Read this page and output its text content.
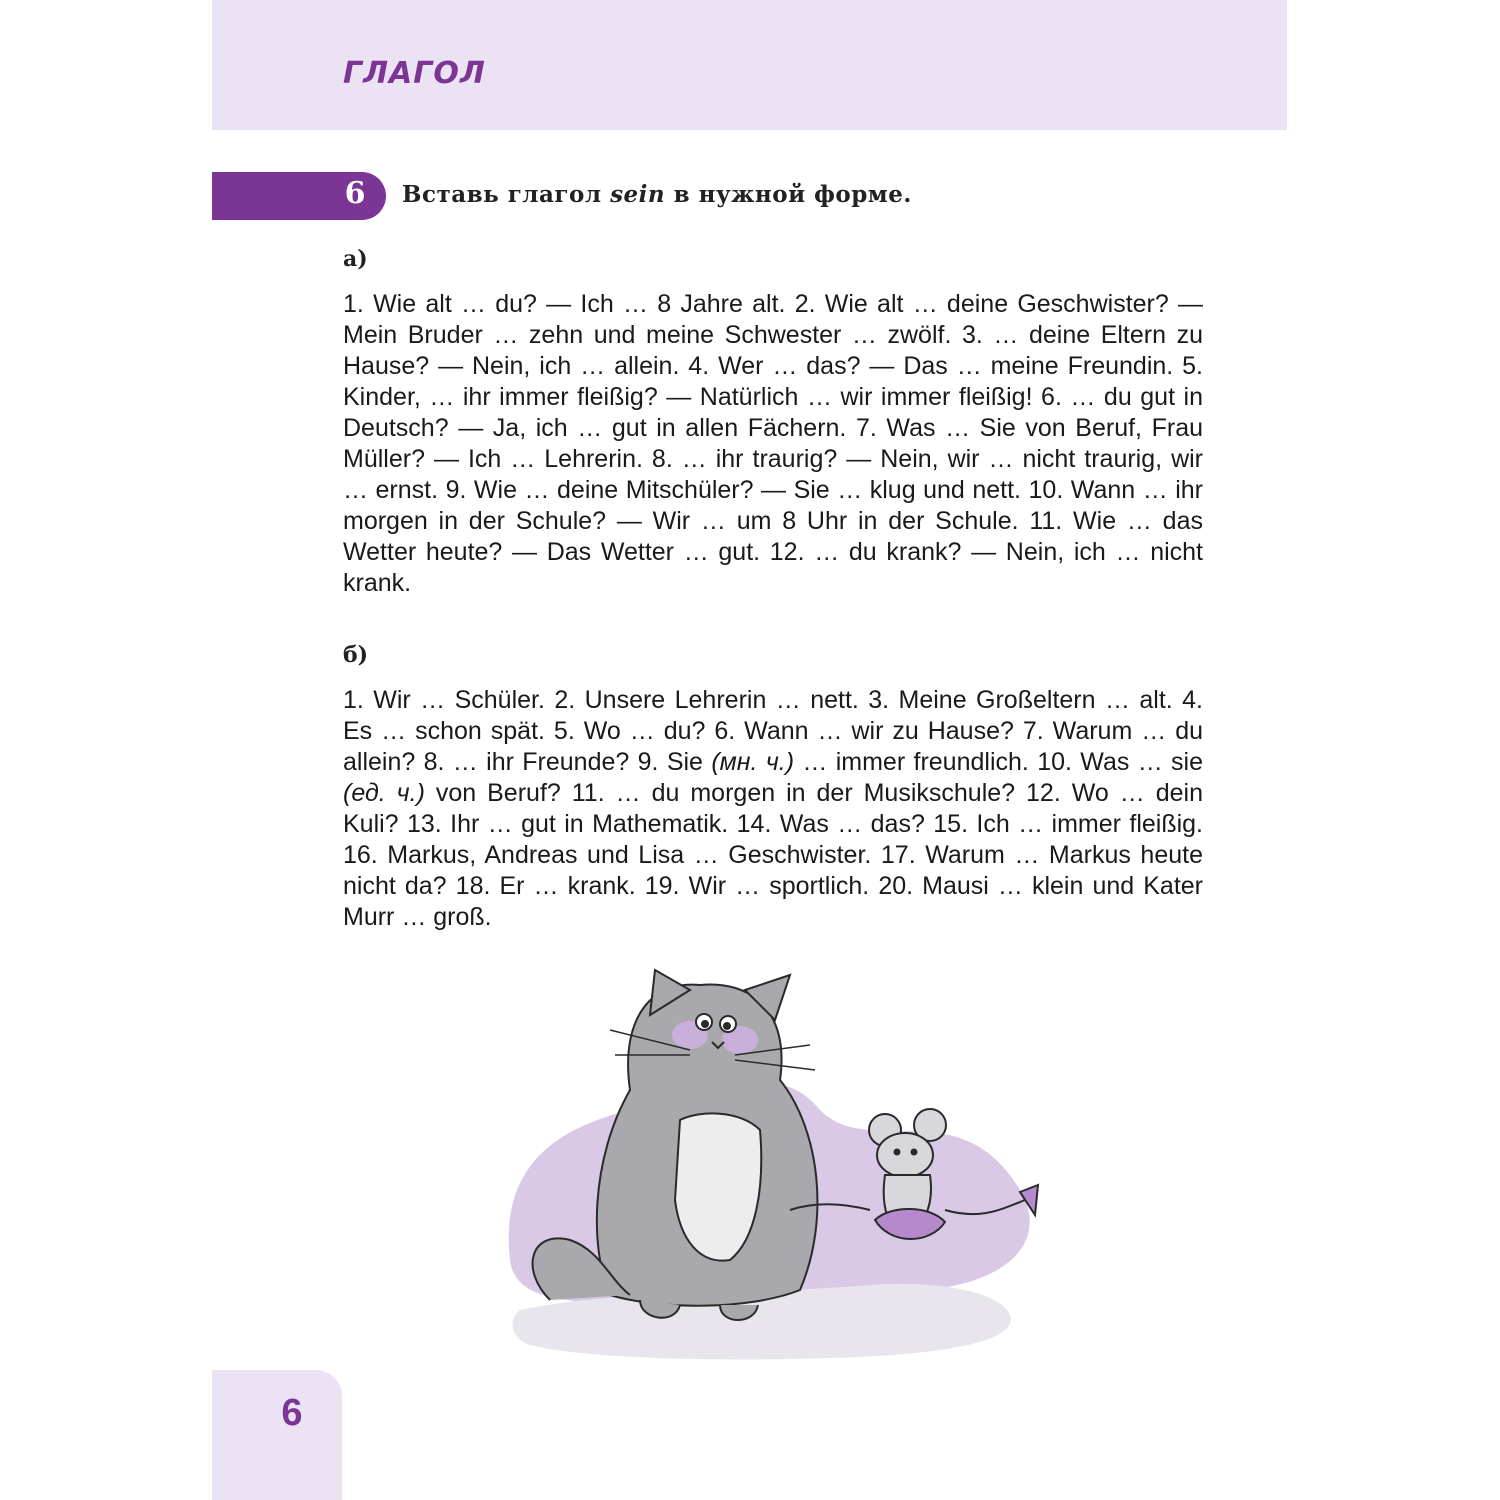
ГЛАГОЛ
6 Вставь глагол sein в нужной форме.
а)
1. Wie alt … du? — Ich … 8 Jahre alt. 2. Wie alt … deine Geschwister? — Mein Bruder … zehn und meine Schwester … zwölf. 3. … deine Eltern zu Hause? — Nein, ich … allein. 4. Wer … das? — Das … meine Freundin. 5. Kinder, … ihr immer fleißig? — Natürlich … wir immer fleißig! 6. … du gut in Deutsch? — Ja, ich … gut in allen Fächern. 7. Was … Sie von Beruf, Frau Müller? — Ich … Lehrerin. 8. … ihr traurig? — Nein, wir … nicht traurig, wir … ernst. 9. Wie … deine Mitschüler? — Sie … klug und nett. 10. Wann … ihr morgen in der Schule? — Wir … um 8 Uhr in der Schule. 11. Wie … das Wetter heute? — Das Wetter … gut. 12. … du krank? — Nein, ich … nicht krank.
б)
1. Wir … Schüler. 2. Unsere Lehrerin … nett. 3. Meine Großeltern … alt. 4. Es … schon spät. 5. Wo … du? 6. Wann … wir zu Hause? 7. Warum … du allein? 8. … ihr Freunde? 9. Sie (мн. ч.) … immer freundlich. 10. Was … sie (ед. ч.) von Beruf? 11. … du morgen in der Musikschule? 12. Wo … dein Kuli? 13. Ihr … gut in Mathematik. 14. Was … das? 15. Ich … immer fleißig. 16. Markus, Andreas und Lisa … Geschwister. 17. Warum … Markus heute nicht da? 18. Er … krank. 19. Wir … sportlich. 20. Mausi … klein und Kater Murr … groß.
6
